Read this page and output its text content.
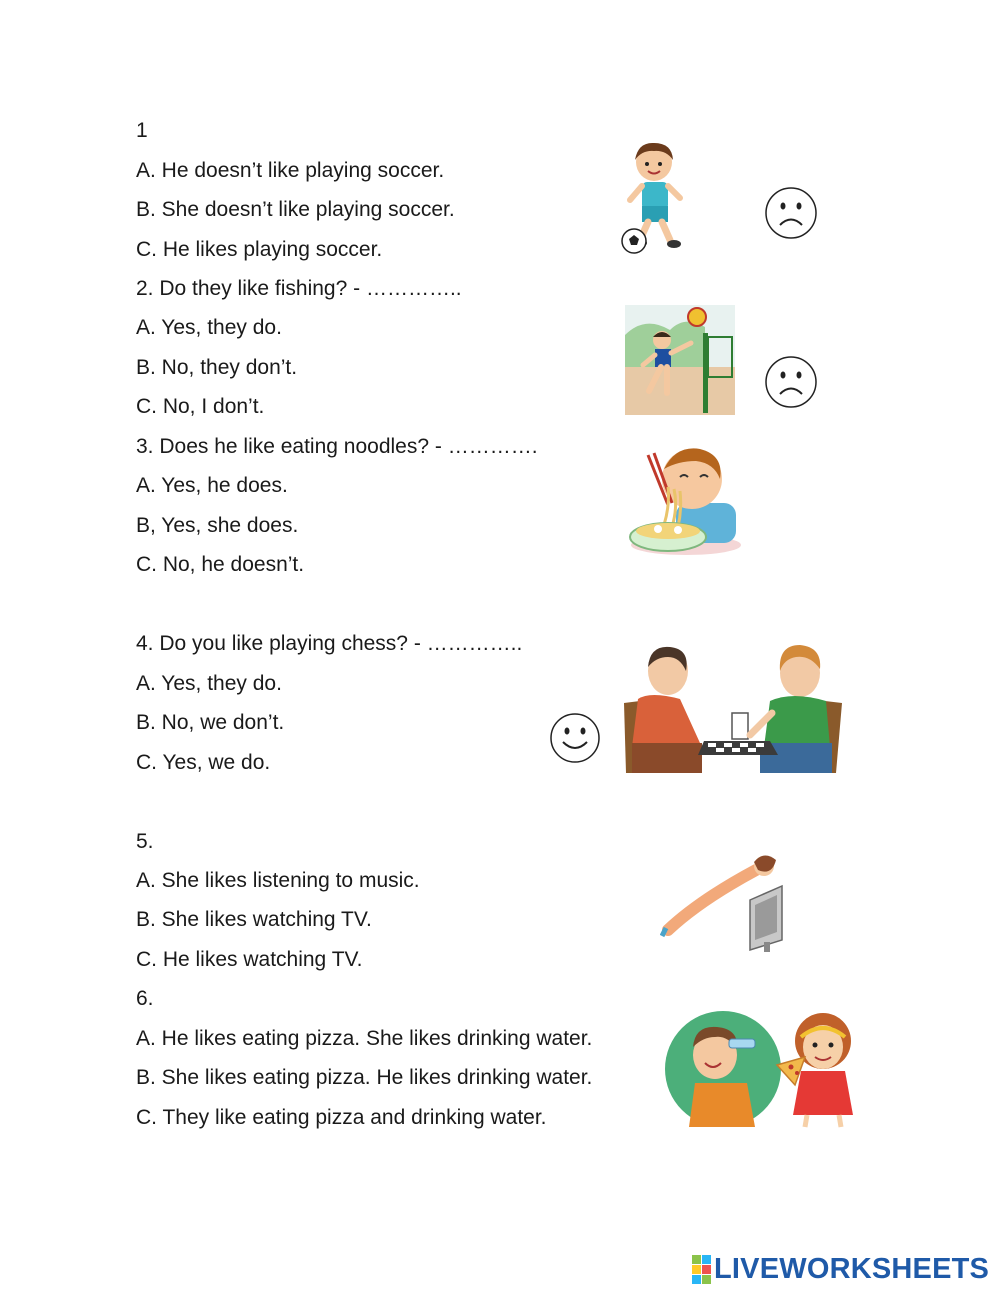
1
A. He doesn’t like playing soccer.
B. She doesn’t like playing soccer.
C. He likes playing soccer.
2. Do they like fishing? - …………..
A. Yes, they do.
B. No, they don’t.
C. No, I don’t.
3. Does he like eating noodles? - ………….
A. Yes, he does.
B, Yes, she does.
C. No, he doesn’t.
4. Do you like playing chess? - …………..
A. Yes, they do.
B. No, we don’t.
C. Yes, we do.
5.
A. She likes listening to music.
B. She likes watching TV.
C. He likes watching TV.
6.
A. He likes eating pizza. She likes drinking water.
B. She likes eating pizza. He likes drinking water.
C. They like eating pizza and drinking water.
LIVEWORKSHEETS
